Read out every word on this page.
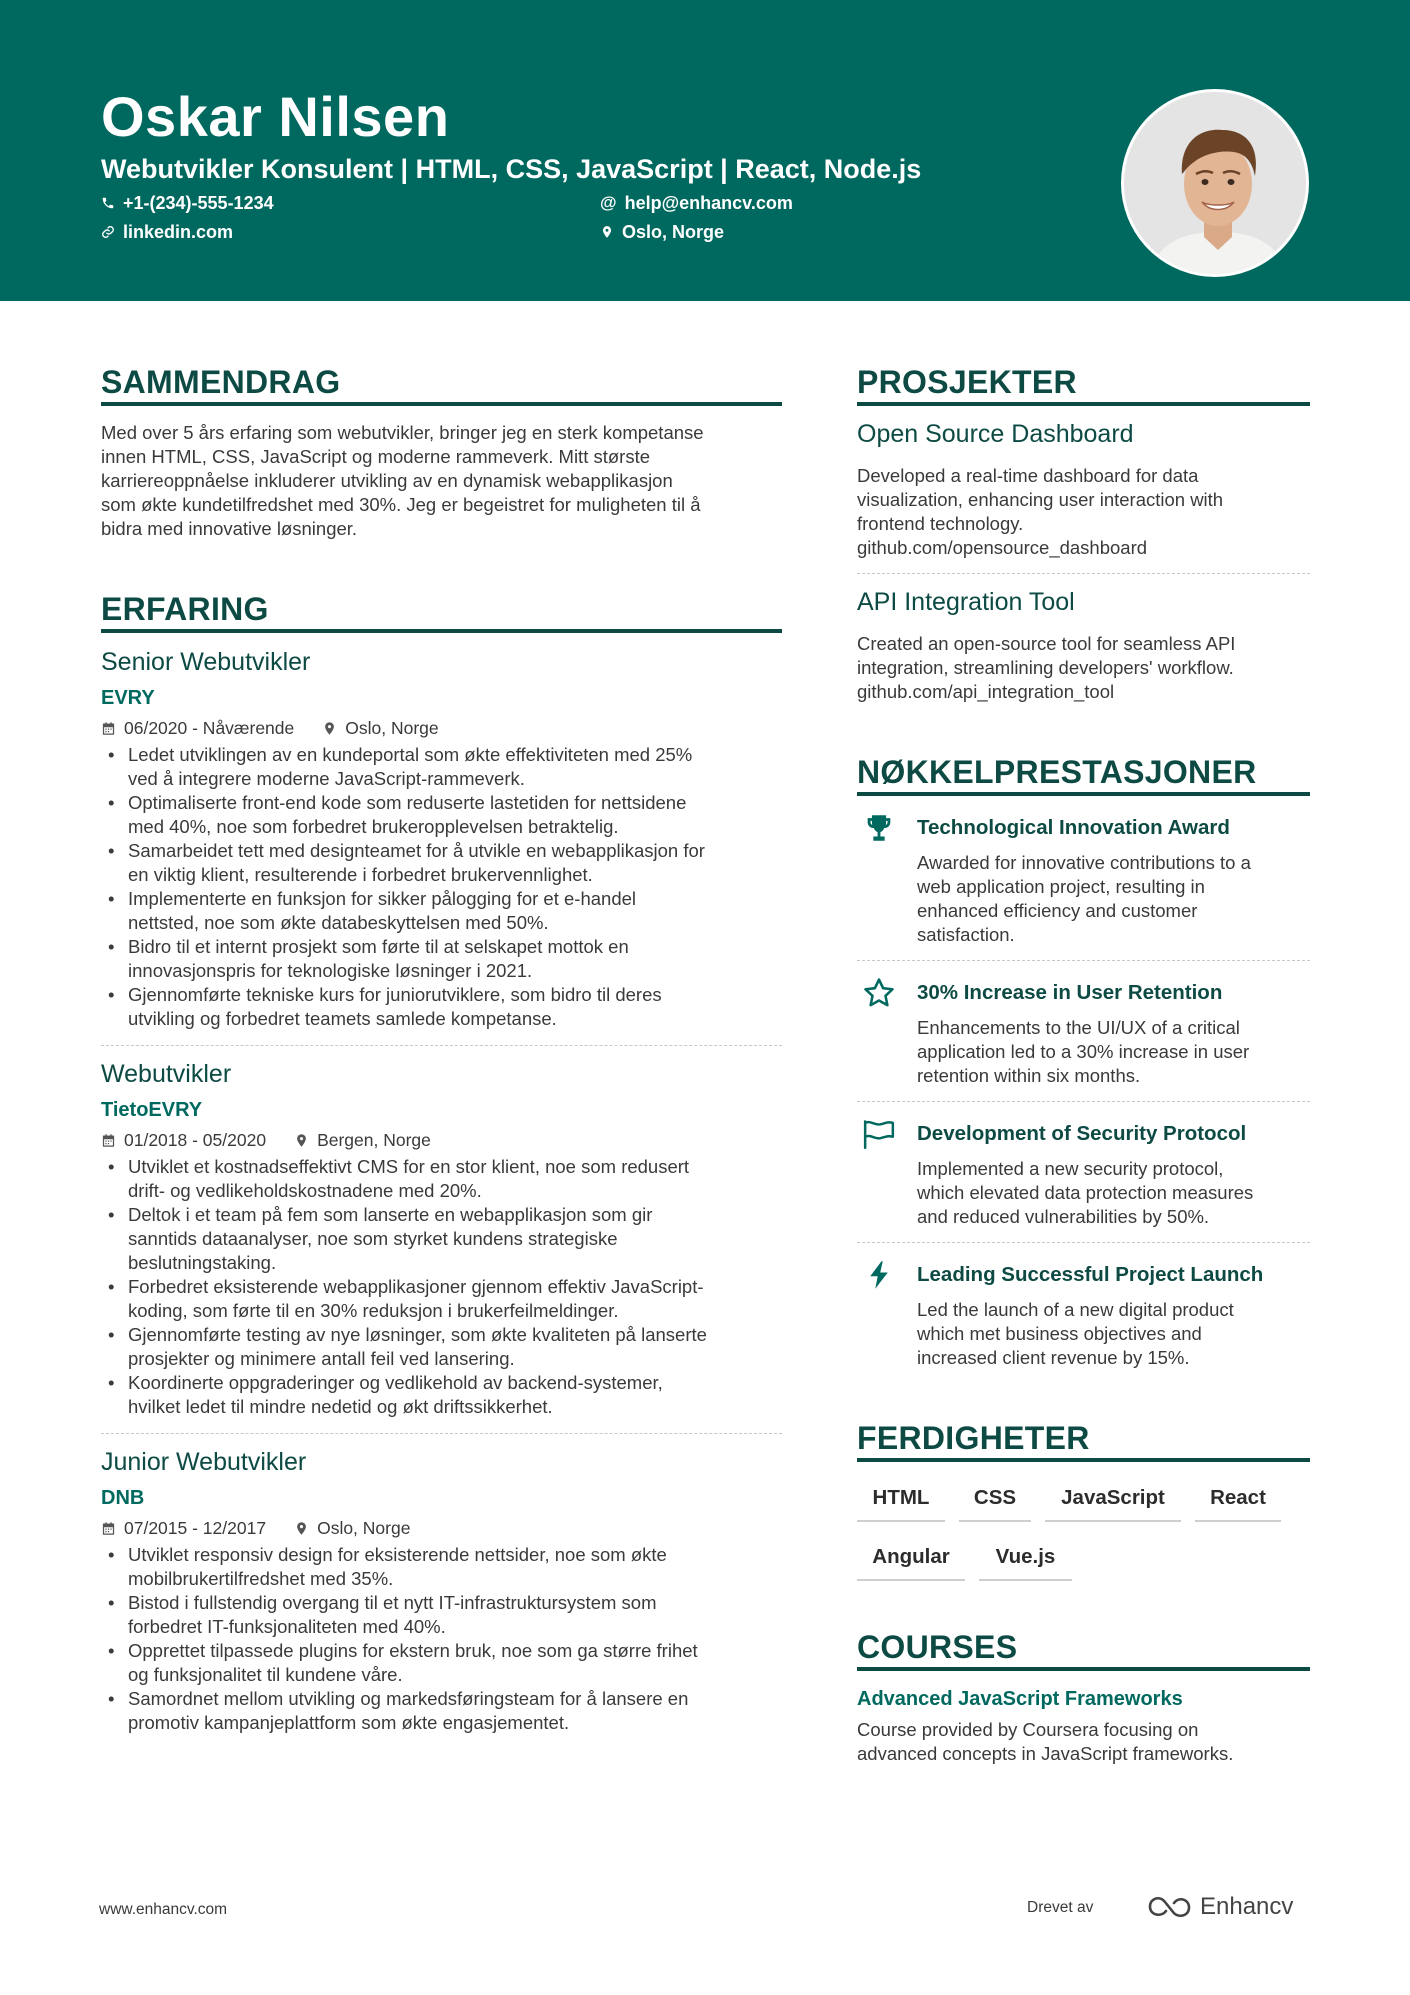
Oskar Nilsen
Webutvikler Konsulent | HTML, CSS, JavaScript | React, Node.js
+1-(234)-555-1234	@ help@enhancv.com
linkedin.com	Oslo, Norge
SAMMENDRAG
Med over 5 års erfaring som webutvikler, bringer jeg en sterk kompetanse
innen HTML, CSS, JavaScript og moderne rammeverk. Mitt største
karriereoppnåelse inkluderer utvikling av en dynamisk webapplikasjon
som økte kundetilfredshet med 30%. Jeg er begeistret for muligheten til å
bidra med innovative løsninger.
ERFARING
Senior Webutvikler
EVRY
06/2020 - Nåværende	Oslo, Norge
• Ledet utviklingen av en kundeportal som økte effektiviteten med 25%
ved å integrere moderne JavaScript-rammeverk.
• Optimaliserte front-end kode som reduserte lastetiden for nettsidene
med 40%, noe som forbedret brukeropplevelsen betraktelig.
• Samarbeidet tett med designteamet for å utvikle en webapplikasjon for
en viktig klient, resulterende i forbedret brukervennlighet.
• Implementerte en funksjon for sikker pålogging for et e-handel
nettsted, noe som økte databeskyttelsen med 50%.
• Bidro til et internt prosjekt som førte til at selskapet mottok en
innovasjonspris for teknologiske løsninger i 2021.
• Gjennomførte tekniske kurs for juniorutviklere, som bidro til deres
utvikling og forbedret teamets samlede kompetanse.
Webutvikler
TietoEVRY
01/2018 - 05/2020	Bergen, Norge
• Utviklet et kostnadseffektivt CMS for en stor klient, noe som redusert
drift- og vedlikeholdskostnadene med 20%.
• Deltok i et team på fem som lanserte en webapplikasjon som gir
sanntids dataanalyser, noe som styrket kundens strategiske
beslutningstaking.
• Forbedret eksisterende webapplikasjoner gjennom effektiv JavaScript-
koding, som førte til en 30% reduksjon i brukerfeilmeldinger.
• Gjennomførte testing av nye løsninger, som økte kvaliteten på lanserte
prosjekter og minimere antall feil ved lansering.
• Koordinerte oppgraderinger og vedlikehold av backend-systemer,
hvilket ledet til mindre nedetid og økt driftssikkerhet.
Junior Webutvikler
DNB
07/2015 - 12/2017	Oslo, Norge
• Utviklet responsiv design for eksisterende nettsider, noe som økte
mobilbrukertilfredshet med 35%.
• Bistod i fullstendig overgang til et nytt IT-infrastruktursystem som
forbedret IT-funksjonaliteten med 40%.
• Opprettet tilpassede plugins for ekstern bruk, noe som ga større frihet
og funksjonalitet til kundene våre.
• Samordnet mellom utvikling og markedsføringsteam for å lansere en
promotiv kampanjeplattform som økte engasjementet.
PROSJEKTER
Open Source Dashboard
Developed a real-time dashboard for data
visualization, enhancing user interaction with
frontend technology.
github.com/opensource_dashboard
API Integration Tool
Created an open-source tool for seamless API
integration, streamlining developers' workflow.
github.com/api_integration_tool
NØKKELPRESTASJONER
Technological Innovation Award
Awarded for innovative contributions to a
web application project, resulting in
enhanced efficiency and customer
satisfaction.
30% Increase in User Retention
Enhancements to the UI/UX of a critical
application led to a 30% increase in user
retention within six months.
Development of Security Protocol
Implemented a new security protocol,
which elevated data protection measures
and reduced vulnerabilities by 50%.
Leading Successful Project Launch
Led the launch of a new digital product
which met business objectives and
increased client revenue by 15%.
FERDIGHETER
HTML	CSS	JavaScript	React
Angular	Vue.js
COURSES
Advanced JavaScript Frameworks
Course provided by Coursera focusing on
advanced concepts in JavaScript frameworks.
www.enhancv.com	Drevet av	Enhancv
